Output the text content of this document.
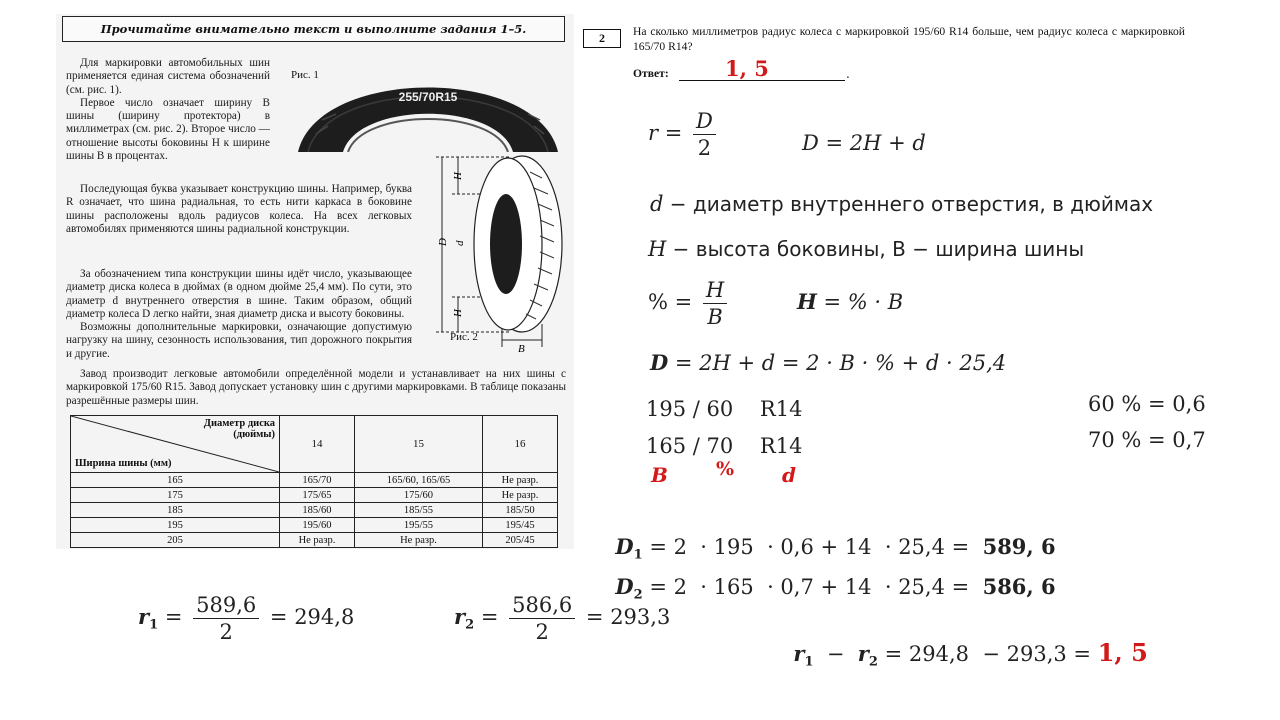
Прочитайте внимательно текст и выполните задания 1–5.

Для маркировки автомобильных шин применяется единая система обозначений (см. рис. 1).

Первое число означает ширину B шины (ширину протектора) в миллиметрах (см. рис. 2). Второе число — отношение высоты боковины H к ширине шины B в процентах.

Последующая буква указывает конструкцию шины. Например, буква R означает, что шина радиальная, то есть нити каркаса в боковине шины расположены вдоль радиусов колеса. На всех легковых автомобилях применяются шины радиальной конструкции.

За обозначением типа конструкции шины идёт число, указывающее диаметр диска колеса в дюймах (в одном дюйме 25,4 мм). По сути, это диаметр d внутреннего отверстия в шине. Таким образом, общий диаметр колеса D легко найти, зная диаметр диска и высоту боковины.

Возможны дополнительные маркировки, означающие допустимую нагрузку на шину, сезонность использования, тип дорожного покрытия и другие.

Завод производит легковые автомобили определённой модели и устанавливает на них шины с маркировкой 175/60 R15. Завод допускает установку шин с другими маркировками. В таблице показаны разрешённые размеры шин.

Рис. 1
255/70R15
H
H
d
D
B
Рис. 2
Диаметр диска (дюймы)
Ширина шины (мм)	14	15	16
165	165/70	165/60, 165/65	Не разр.
175	175/65	175/60	Не разр.
185	185/60	185/55	185/50
195	195/60	195/55	195/45
205	Не разр.	Не разр.	205/45
2	На сколько миллиметров радиус колеса с маркировкой 195/60 R14 больше, чем радиус колеса с маркировкой 165/70 R14?
Ответ:	.
1, 5
$r = \frac{D}{2}$	D = 2H + d
d − диаметр внутреннего отверстия, в дюймах
H − высота боковины, В − ширина шины
% = $\frac{H}{B}$	H = % · B
D = 2H + d = 2 · B · % + d · 25,4
195 / 60    R14
165 / 70    R14
B	% d
60 % = 0,6
70 % = 0,7

$D_1 = 2 \cdot 195 \cdot 0,6 + 14 \cdot 25,4 = 589$, 6

$D_2 = 2 \cdot 165 \cdot 0,7 + 14 \cdot 25,4 = 586$, 6

$r_1 = \frac{589,6}{2} = 294,8$	$r_2 = \frac{586,6}{2} = 293,3$

$r_1 - r_2 = 294,8 - 293,3 = 1$, 5
